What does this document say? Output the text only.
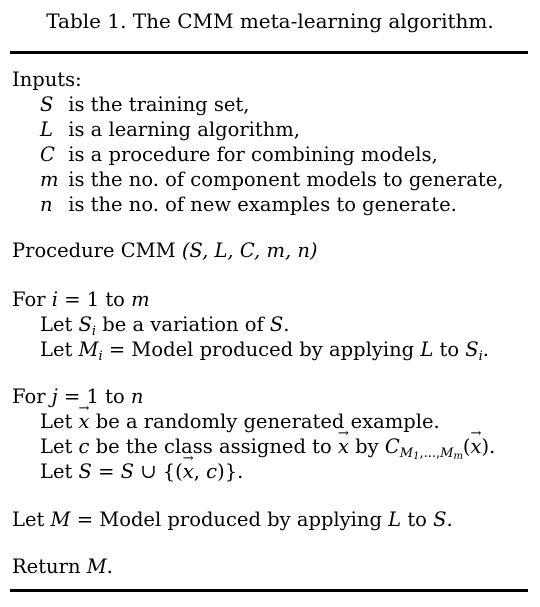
Table 1. The CMM meta-learning algorithm.
Inputs:
S is the training set,
L is a learning algorithm,
C is a procedure for combining models,
m is the no. of component models to generate,
n is the no. of new examples to generate.
Procedure CMM (S, L, C, m, n)
For i = 1 to m
Let $S_i$ be a variation of S.
Let $M_i$ = Model produced by applying L to $S_i$.
For j = 1 to n
Let → x be a randomly generated example.
Let c be the class assigned to → x by $C_{M1,...,Mm}(\to x)$.
Let S = S ∪ {(→ x, c)}.
Let M = Model produced by applying L to S.
Return M.
